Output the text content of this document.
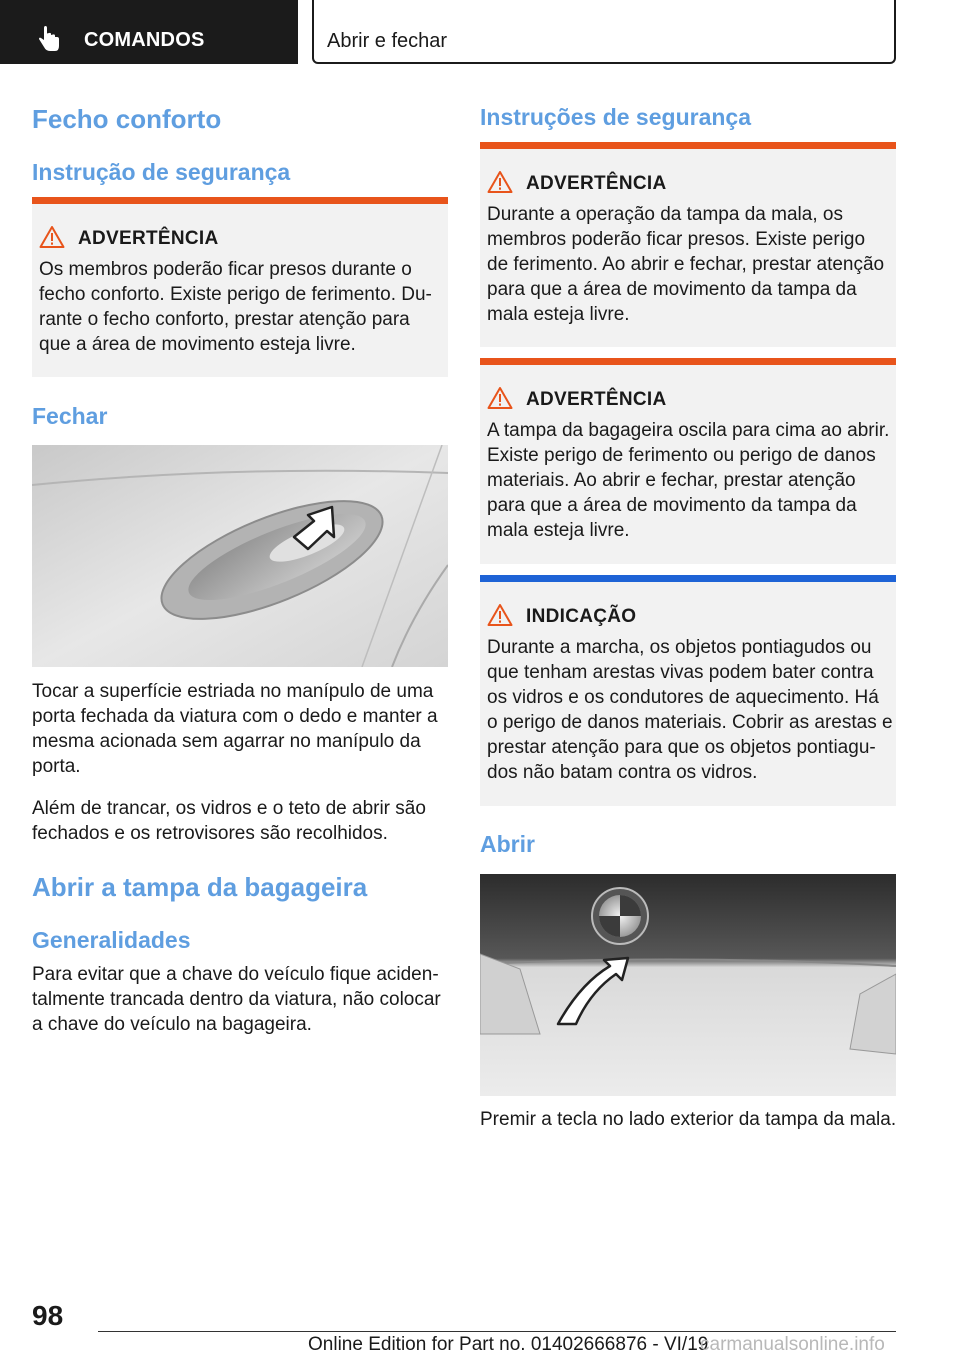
COMANDOS	Abrir e fechar
Fecho conforto
Instrução de segurança
ADVERTÊNCIA
Os membros poderão ficar presos durante o
fecho conforto. Existe perigo de ferimento. Du-
rante o fecho conforto, prestar atenção para
que a área de movimento esteja livre.
Fechar
Tocar a superfície estriada no manípulo de uma
porta fechada da viatura com o dedo e manter a
mesma acionada sem agarrar no manípulo da
porta.
Além de trancar, os vidros e o teto de abrir são
fechados e os retrovisores são recolhidos.
Abrir a tampa da bagageira
Generalidades
Para evitar que a chave do veículo fique aciden-
talmente trancada dentro da viatura, não colocar
a chave do veículo na bagageira.
Instruções de segurança
ADVERTÊNCIA
Durante a operação da tampa da mala, os
membros poderão ficar presos. Existe perigo
de ferimento. Ao abrir e fechar, prestar atenção
para que a área de movimento da tampa da
mala esteja livre.
ADVERTÊNCIA
A tampa da bagageira oscila para cima ao abrir.
Existe perigo de ferimento ou perigo de danos
materiais. Ao abrir e fechar, prestar atenção
para que a área de movimento da tampa da
mala esteja livre.
INDICAÇÃO
Durante a marcha, os objetos pontiagudos ou
que tenham arestas vivas podem bater contra
os vidros e os condutores de aquecimento. Há
o perigo de danos materiais. Cobrir as arestas e
prestar atenção para que os objetos pontiagu-
dos não batam contra os vidros.
Abrir
Premir a tecla no lado exterior da tampa da mala.
98
Online Edition for Part no. 01402666876 - VI/19
carmanualsonline.info
